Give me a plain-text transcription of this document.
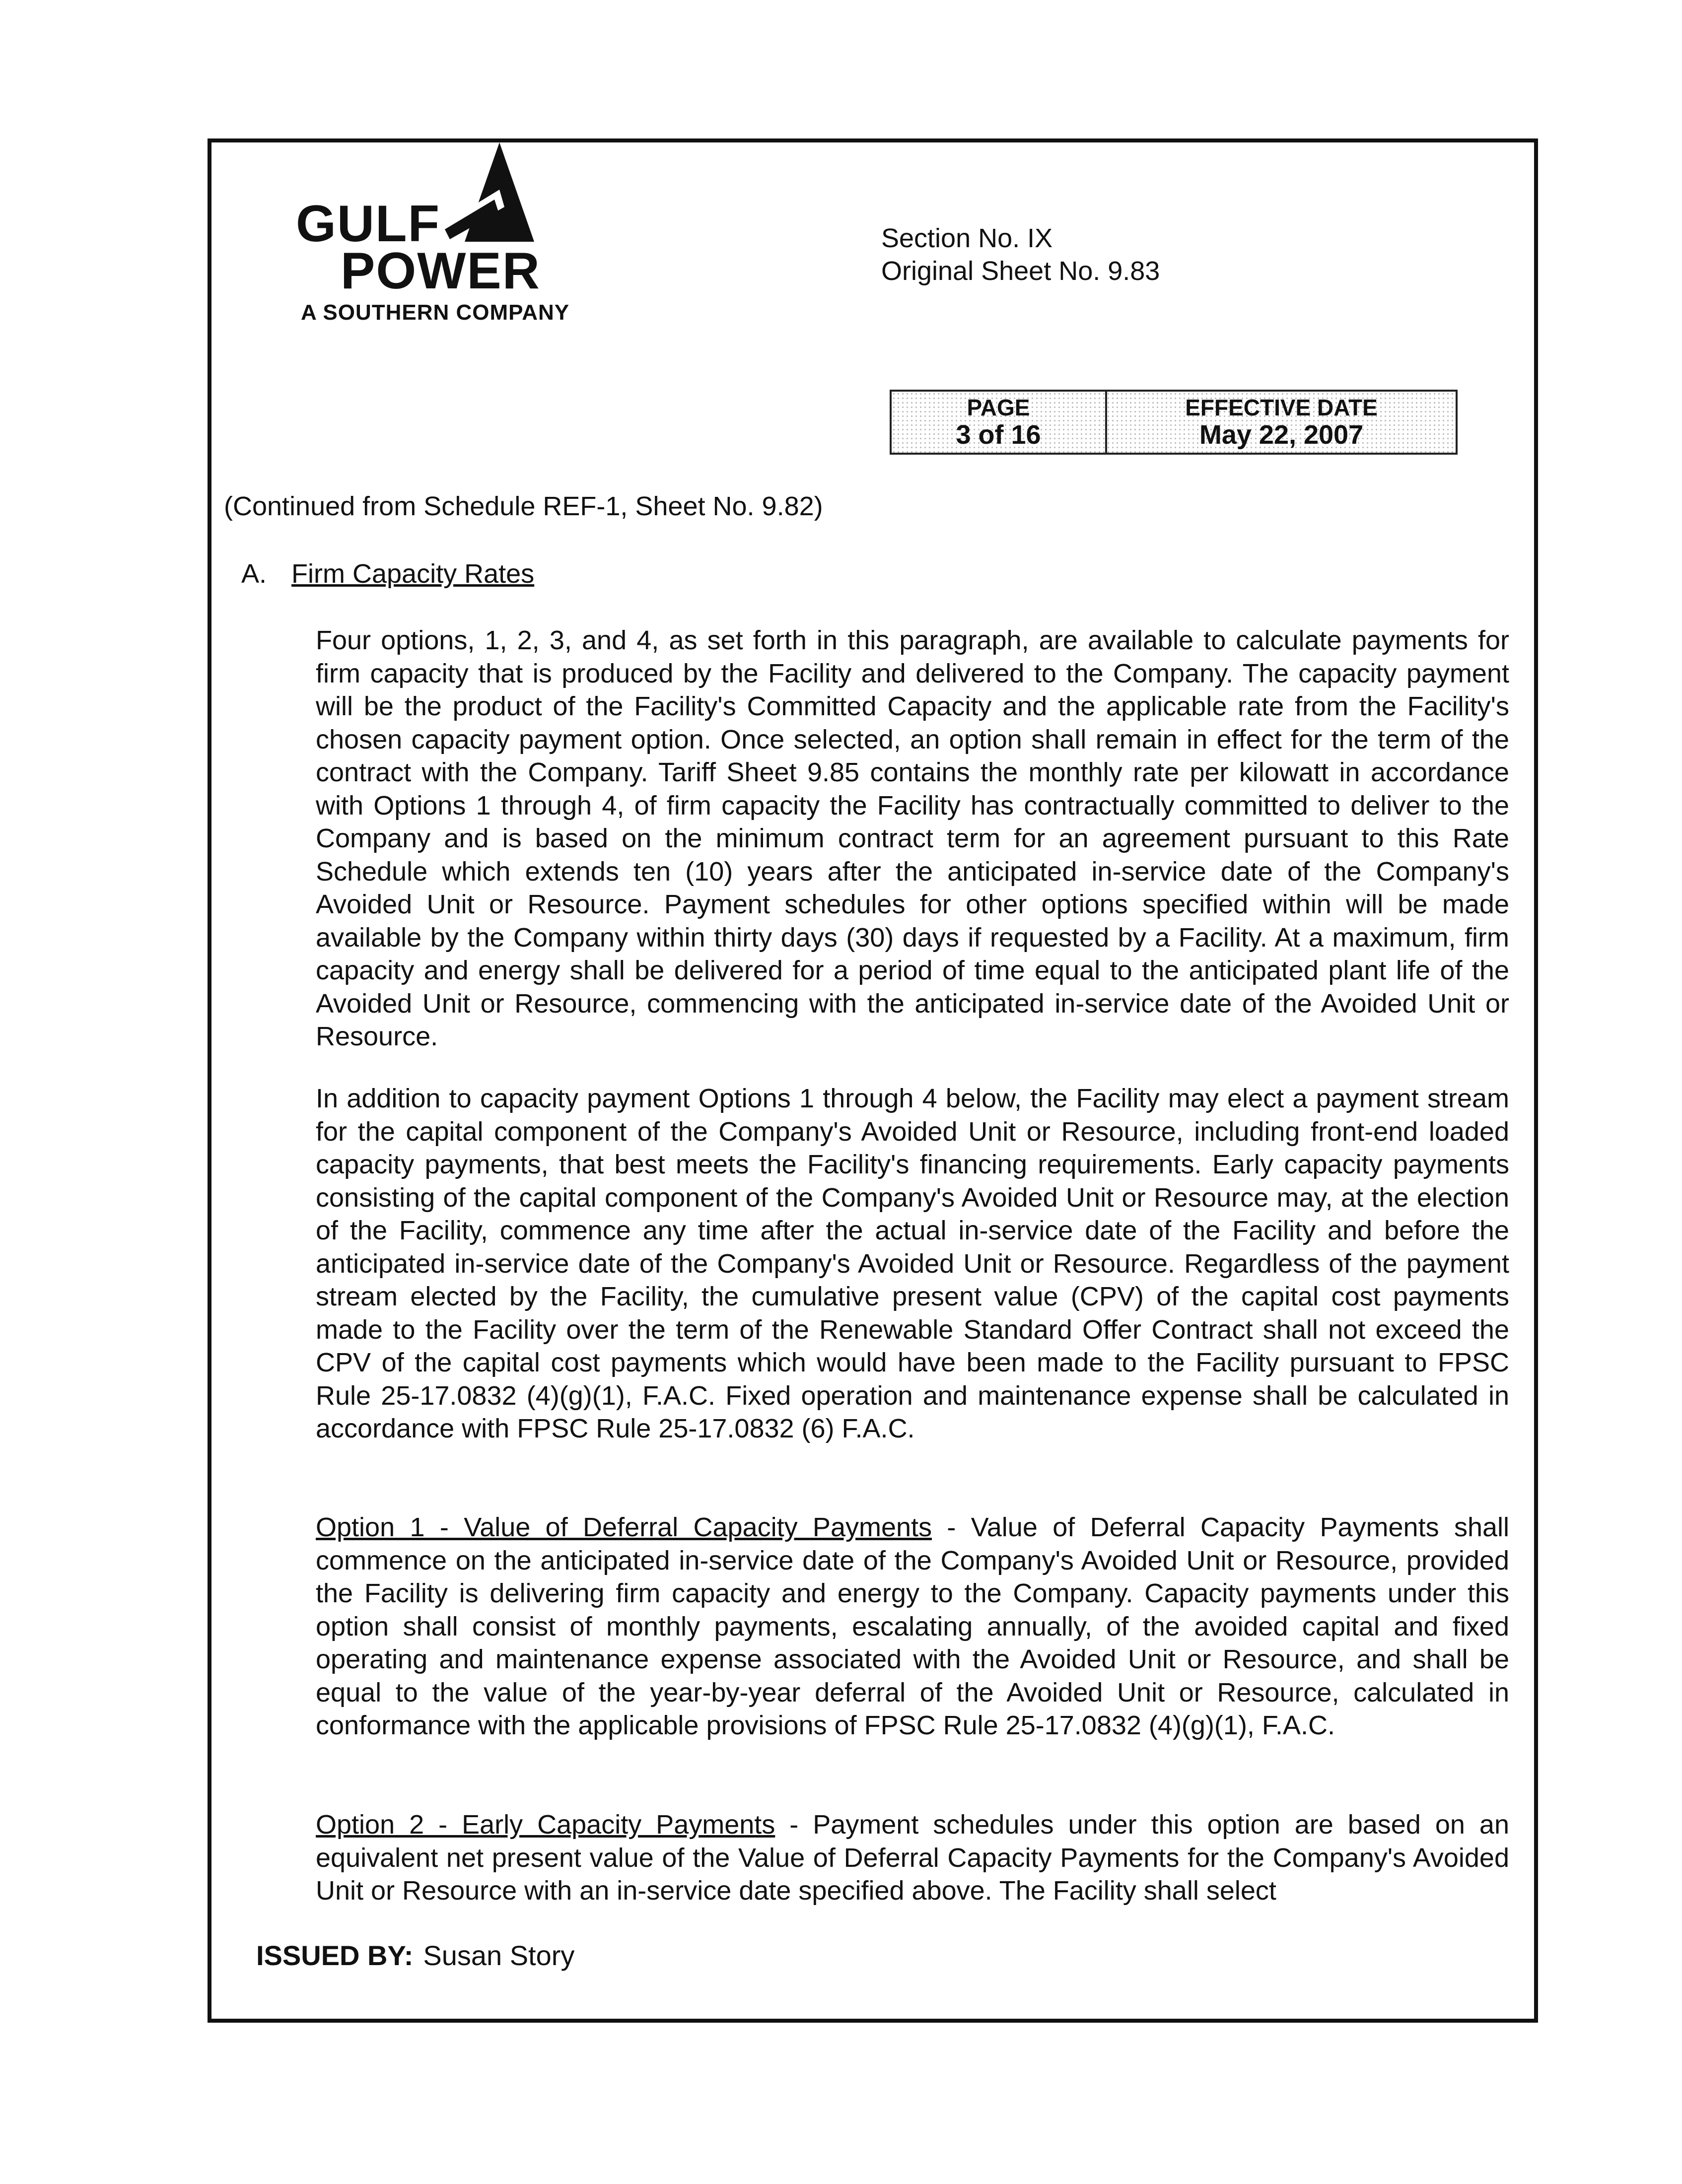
GULF
POWER
A SOUTHERN COMPANY
Section No. IX
Original Sheet No. 9.83
PAGE
3 of 16
EFFECTIVE DATE
May 22, 2007
(Continued from Schedule REF-1, Sheet No. 9.82)
A. Firm Capacity Rates
Four options, 1, 2, 3, and 4, as set forth in this paragraph, are available to calculate payments for firm capacity that is produced by the Facility and delivered to the Company. The capacity payment will be the product of the Facility's Committed Capacity and the applicable rate from the Facility's chosen capacity payment option. Once selected, an option shall remain in effect for the term of the contract with the Company. Tariff Sheet 9.85 contains the monthly rate per kilowatt in accordance with Options 1 through 4, of firm capacity the Facility has contractually committed to deliver to the Company and is based on the minimum contract term for an agreement pursuant to this Rate Schedule which extends ten (10) years after the anticipated in-service date of the Company's Avoided Unit or Resource. Payment schedules for other options specified within will be made available by the Company within thirty days (30) days if requested by a Facility. At a maximum, firm capacity and energy shall be delivered for a period of time equal to the anticipated plant life of the Avoided Unit or Resource, commencing with the anticipated in-service date of the Avoided Unit or Resource.
In addition to capacity payment Options 1 through 4 below, the Facility may elect a payment stream for the capital component of the Company's Avoided Unit or Resource, including front-end loaded capacity payments, that best meets the Facility's financing requirements. Early capacity payments consisting of the capital component of the Company's Avoided Unit or Resource may, at the election of the Facility, commence any time after the actual in-service date of the Facility and before the anticipated in-service date of the Company's Avoided Unit or Resource. Regardless of the payment stream elected by the Facility, the cumulative present value (CPV) of the capital cost payments made to the Facility over the term of the Renewable Standard Offer Contract shall not exceed the CPV of the capital cost payments which would have been made to the Facility pursuant to FPSC Rule 25-17.0832 (4)(g)(1), F.A.C. Fixed operation and maintenance expense shall be calculated in accordance with FPSC Rule 25-17.0832 (6) F.A.C.
Option 1 - Value of Deferral Capacity Payments - Value of Deferral Capacity Payments shall commence on the anticipated in-service date of the Company's Avoided Unit or Resource, provided the Facility is delivering firm capacity and energy to the Company. Capacity payments under this option shall consist of monthly payments, escalating annually, of the avoided capital and fixed operating and maintenance expense associated with the Avoided Unit or Resource, and shall be equal to the value of the year-by-year deferral of the Avoided Unit or Resource, calculated in conformance with the applicable provisions of FPSC Rule 25-17.0832 (4)(g)(1), F.A.C.
Option 2 - Early Capacity Payments - Payment schedules under this option are based on an equivalent net present value of the Value of Deferral Capacity Payments for the Company's Avoided Unit or Resource with an in-service date specified above. The Facility shall select
ISSUED BY: Susan Story
